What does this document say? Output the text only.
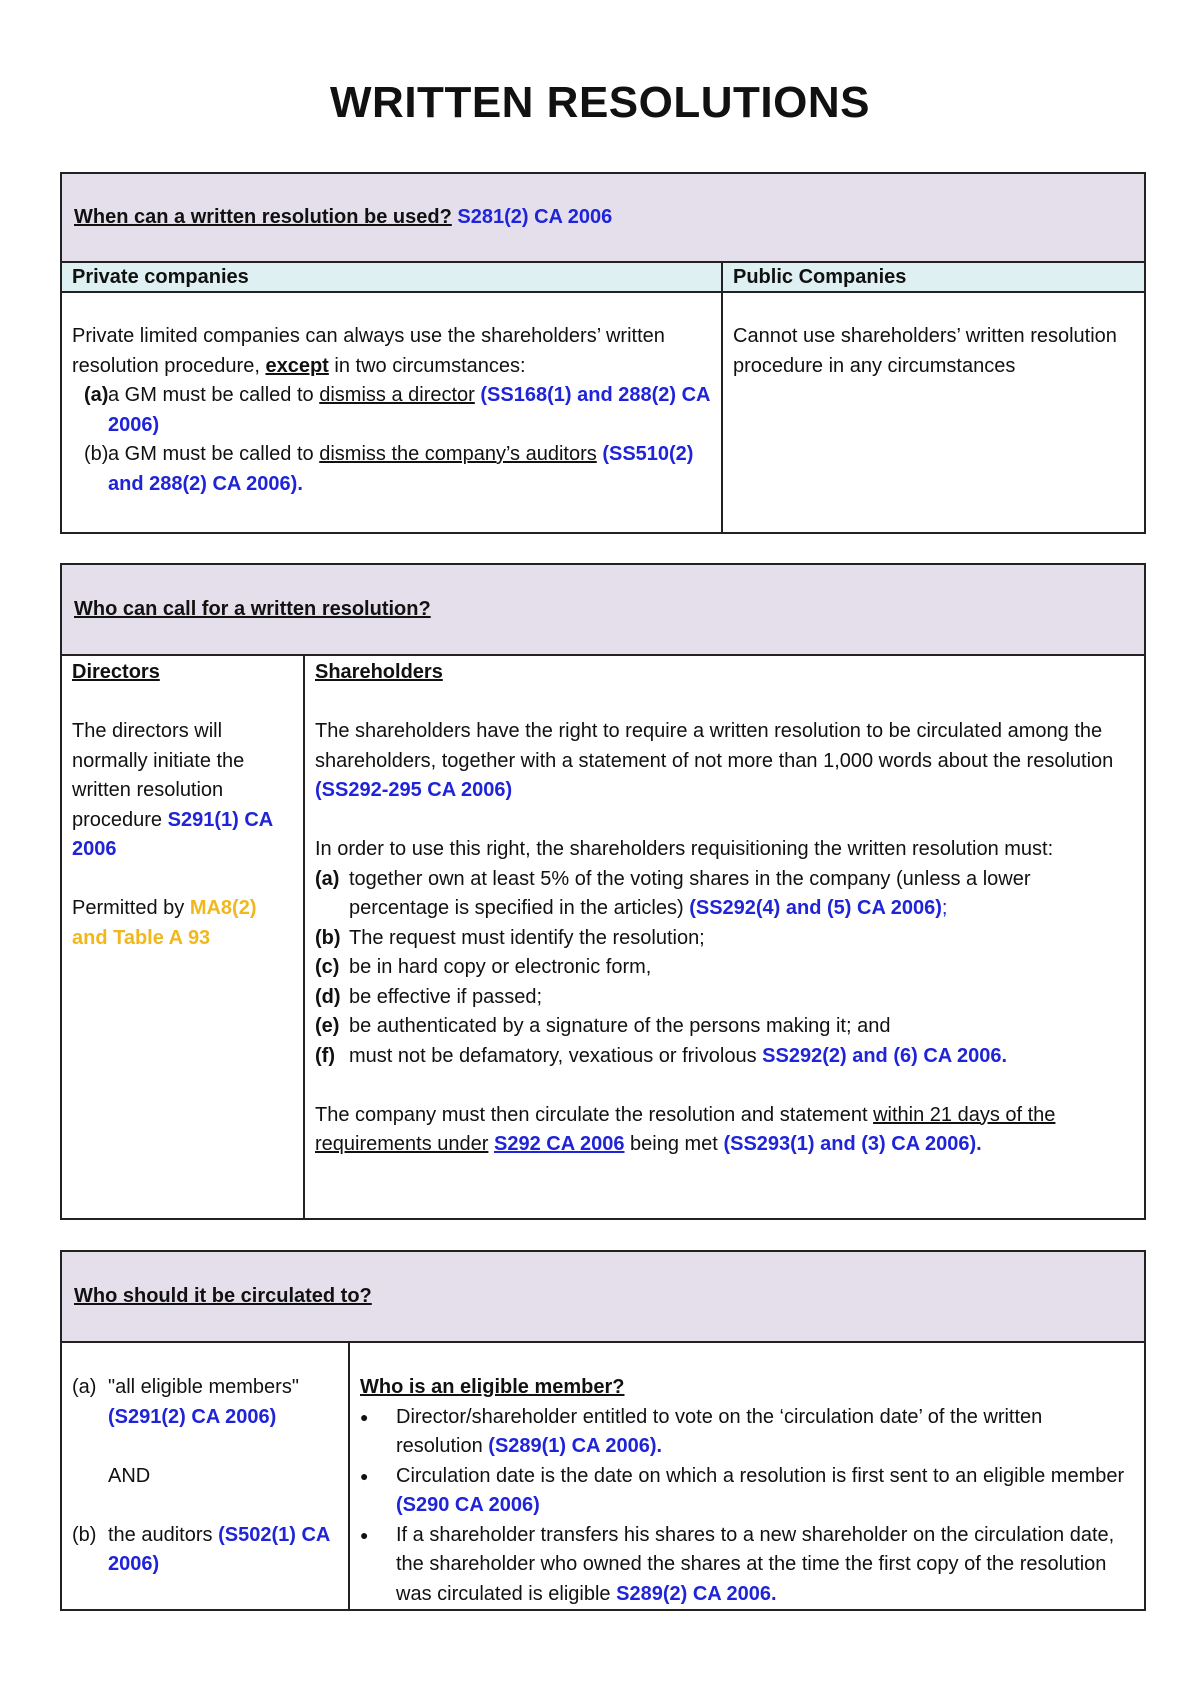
WRITTEN RESOLUTIONS
When can a written resolution be used?
S281(2) CA 2006
Private companies	Public Companies
Private limited companies can always use the shareholders’ written resolution procedure, except in two circumstances:
(a) a GM must be called to dismiss a director (SS168(1) and 288(2) CA 2006)
(b) a GM must be called to dismiss the company’s auditors (SS510(2) and 288(2) CA 2006).
Cannot use shareholders’ written resolution procedure in any circumstances
Who can call for a written resolution?
Directors
The directors will normally initiate the written resolution procedure S291(1) CA 2006
Permitted by MA8(2) and Table A 93
Shareholders
The shareholders have the right to require a written resolution to be circulated among the shareholders, together with a statement of not more than 1,000 words about the resolution (SS292-295 CA 2006)
In order to use this right, the shareholders requisitioning the written resolution must:
(a) together own at least 5% of the voting shares in the company (unless a lower percentage is specified in the articles) (SS292(4) and (5) CA 2006);
(b) The request must identify the resolution;
(c) be in hard copy or electronic form,
(d) be effective if passed;
(e) be authenticated by a signature of the persons making it; and
(f) must not be defamatory, vexatious or frivolous SS292(2) and (6) CA 2006.
The company must then circulate the resolution and statement within 21 days of the requirements under S292 CA 2006 being met (SS293(1) and (3) CA 2006).
Who should it be circulated to?
(a) "all eligible members" (S291(2) CA 2006)
AND
(b) the auditors (S502(1) CA 2006)
Who is an eligible member?
●	Director/shareholder entitled to vote on the ‘circulation date’ of the written resolution (S289(1) CA 2006).
●	Circulation date is the date on which a resolution is first sent to an eligible member (S290 CA 2006)
●	If a shareholder transfers his shares to a new shareholder on the circulation date, the shareholder who owned the shares at the time the first copy of the resolution was circulated is eligible S289(2) CA 2006.
